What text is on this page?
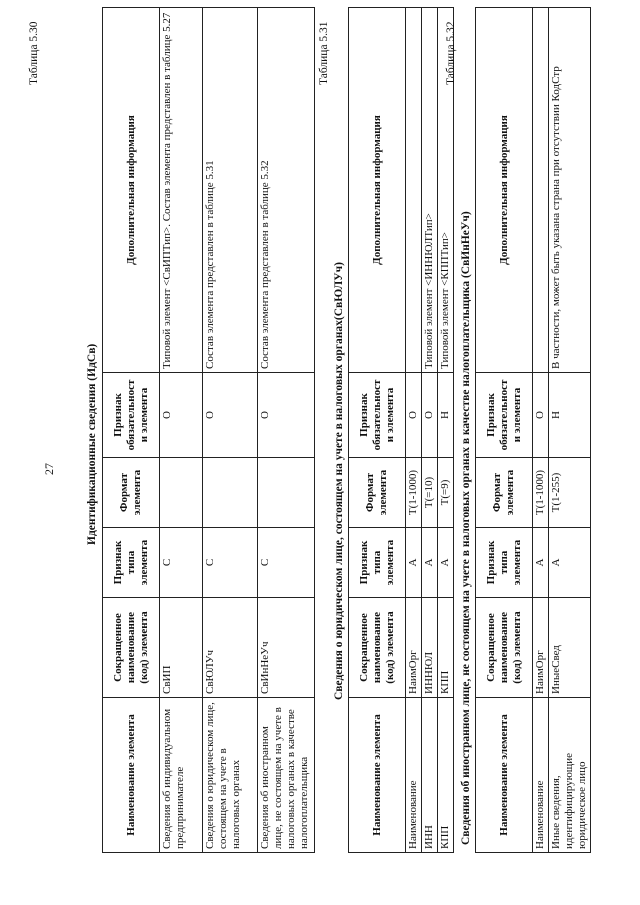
27
Таблица 5.30
Идентификационные сведения (ИдСв)
Наименование элемента	Сокращенное наименование (код) элемента	Признак типа элемента	Формат элемента	Признак обязательност и элемента	Дополнительная информация
Сведения об индивидуальном предпринимателе	СвИП	С		О	Типовой элемент <СвИПТип>. Состав элемента представлен в таблице 5.27
Сведения о юридическом лице, состоящем на учете в налоговых органах	СвЮЛУч	С		О	Состав элемента представлен в таблице 5.31
Сведения об иностранном лице, не состоящем на учете в налоговых органах в качестве налогоплательщика	СвИнНеУч	С		О	Состав элемента представлен в таблице 5.32
Таблица 5.31
Сведения о юридическом лице, состоящем на учете в налоговых органах(СвЮЛУч)
Наименование элемента	Сокращенное наименование (код) элемента	Признак типа элемента	Формат элемента	Признак обязательност и элемента	Дополнительная информация
Наименование	НаимОрг	А	T(1-1000)	О	
ИНН	ИННЮЛ	А	T(=10)	О	Типовой элемент <ИННЮЛТип>
КПП	КПП	А	T(=9)	Н	Типовой элемент <КППТип>
Таблица 5.32
Сведения об иностранном лице, не состоящем на учете в налоговых органах в качестве налогоплательщика (СвИнНеУч) Наименование элемента	Сокращенное наименование (код) элемента	Признак типа элемента	Формат элемента	Признак обязательност и элемента	Дополнительная информация
Наименование	НаимОрг	А	T(1-1000)	О	
Иные сведения, идентифицирующие юридическое лицо	ИныеСвед	А	T(1-255)	Н	В частности, может быть указана страна при отсутствии КодСтр
